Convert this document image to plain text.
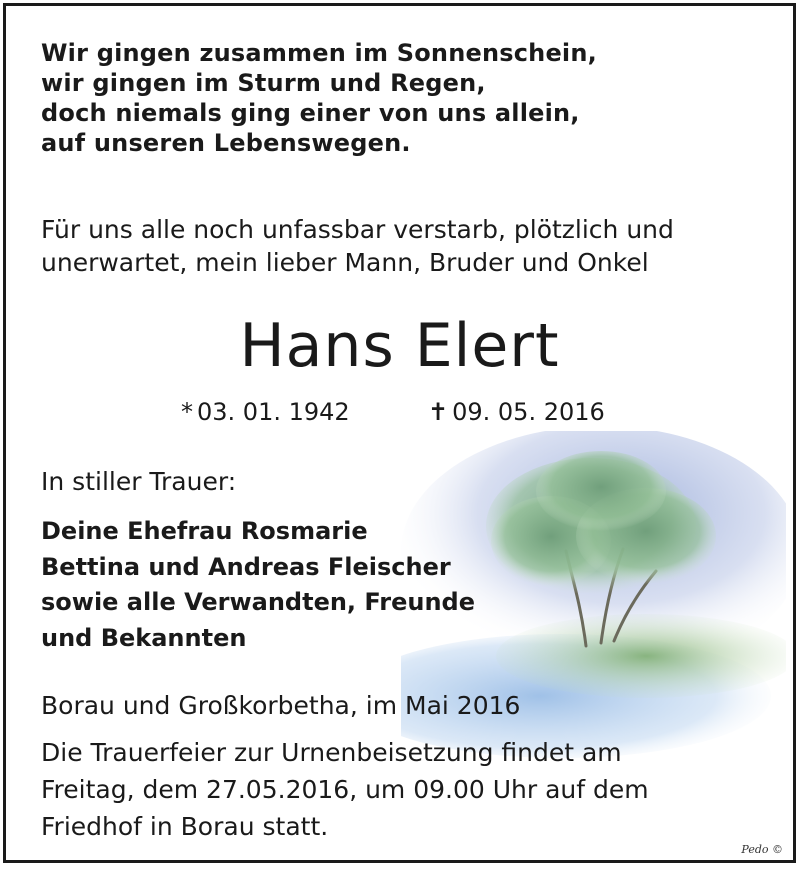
Wir gingen zusammen im Sonnenschein,
wir gingen im Sturm und Regen,
doch niemals ging einer von uns allein,
auf unseren Lebenswegen.
Für uns alle noch unfassbar verstarb, plötzlich und
unerwartet, mein lieber Mann, Bruder und Onkel
Hans Elert
* 03. 01. 1942	✝ 09. 05. 2016
In stiller Trauer:
Deine Ehefrau Rosmarie
Bettina und Andreas Fleischer
sowie alle Verwandten, Freunde
und Bekannten
Borau und Großkorbetha, im Mai 2016
Die Trauerfeier zur Urnenbeisetzung findet am
Freitag, dem 27.05.2016, um 09.00 Uhr auf dem
Friedhof in Borau statt.
Pedo ©
